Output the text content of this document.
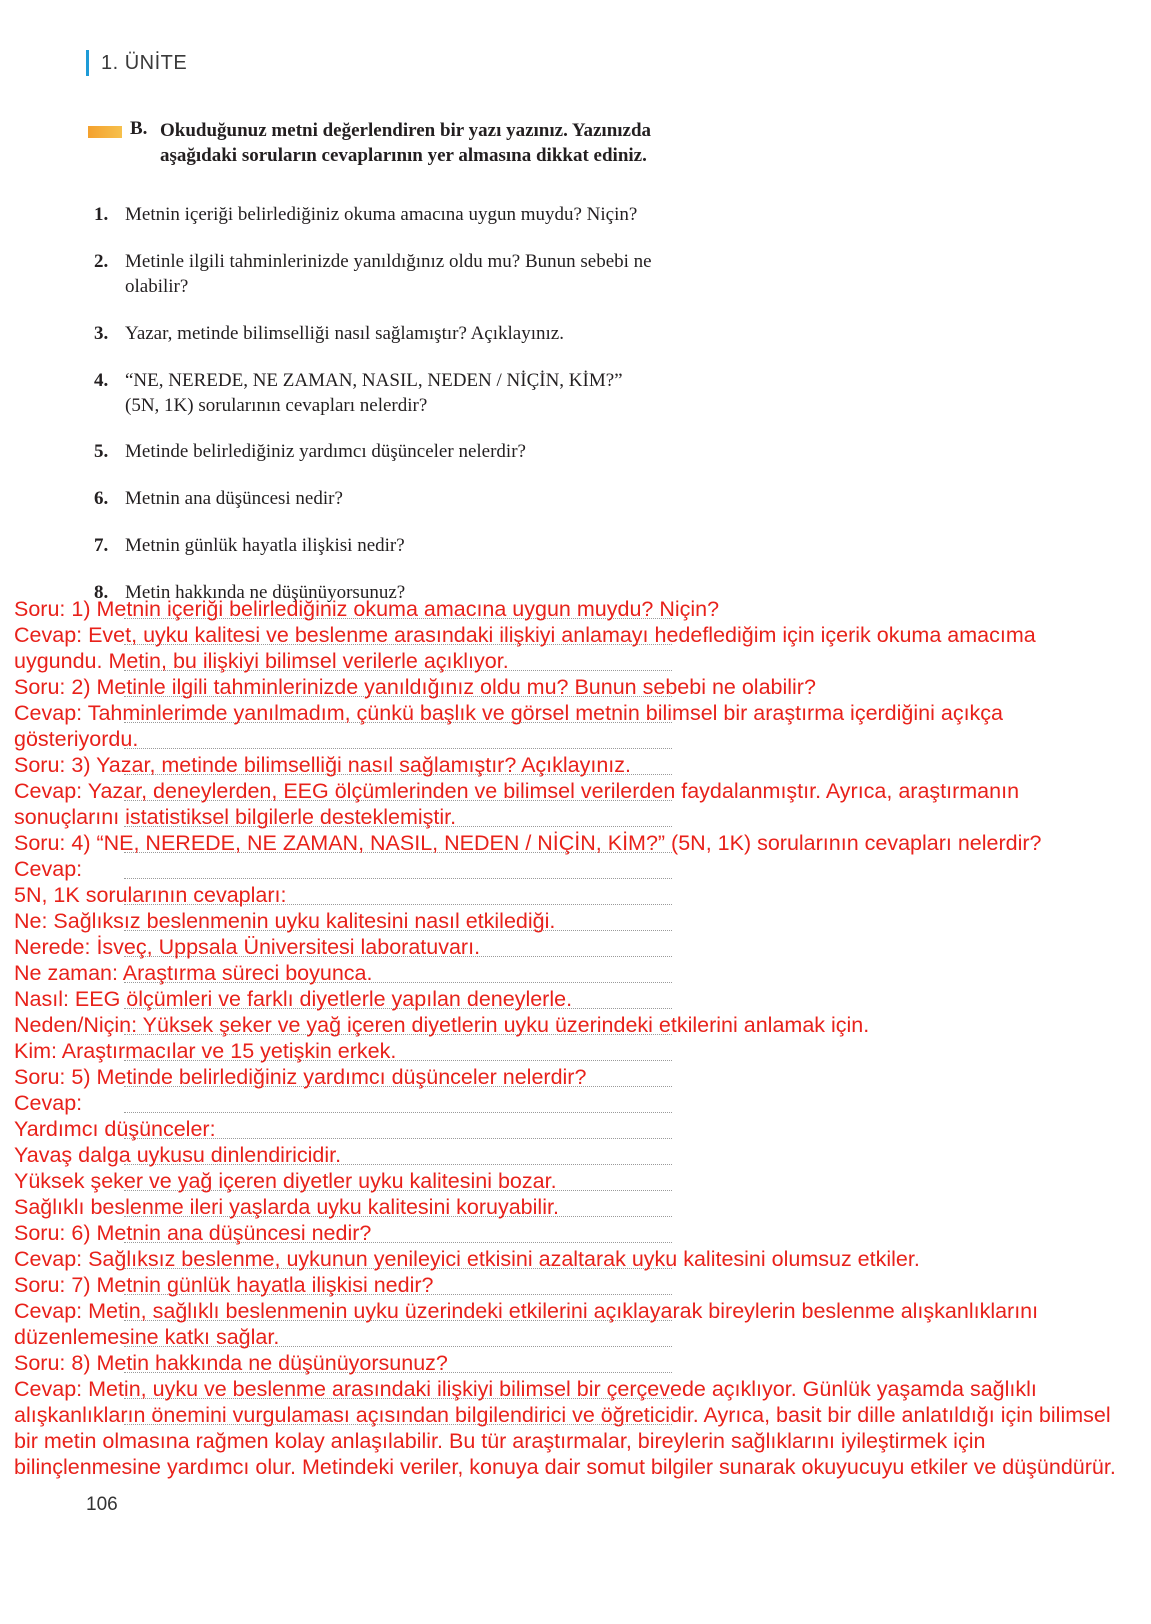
1. ÜNİTE
B. Okuduğunuz metni değerlendiren bir yazı yazınız. Yazınızda aşağıdaki soruların cevaplarının yer almasına dikkat ediniz.
1. Metnin içeriği belirlediğiniz okuma amacına uygun muydu? Niçin?
2. Metinle ilgili tahminlerinizde yanıldığınız oldu mu? Bunun sebebi ne olabilir?
3. Yazar, metinde bilimselliği nasıl sağlamıştır? Açıklayınız.
4. “NE, NEREDE, NE ZAMAN, NASIL, NEDEN / NİÇİN, KİM?” (5N, 1K) sorularının cevapları nelerdir?
5. Metinde belirlediğiniz yardımcı düşünceler nelerdir?
6. Metnin ana düşüncesi nedir?
7. Metnin günlük hayatla ilişkisi nedir?
8. Metin hakkında ne düşünüyorsunuz?
106
Soru: 1) Metnin içeriği belirlediğiniz okuma amacına uygun muydu? Niçin?
Cevap: Evet, uyku kalitesi ve beslenme arasındaki ilişkiyi anlamayı hedeflediğim için içerik okuma amacıma uygundu. Metin, bu ilişkiyi bilimsel verilerle açıklıyor.
Soru: 2) Metinle ilgili tahminlerinizde yanıldığınız oldu mu? Bunun sebebi ne olabilir?
Cevap: Tahminlerimde yanılmadım, çünkü başlık ve görsel metnin bilimsel bir araştırma içerdiğini açıkça gösteriyordu.
Soru: 3) Yazar, metinde bilimselliği nasıl sağlamıştır? Açıklayınız.
Cevap: Yazar, deneylerden, EEG ölçümlerinden ve bilimsel verilerden faydalanmıştır. Ayrıca, araştırmanın sonuçlarını istatistiksel bilgilerle desteklemiştir.
Soru: 4) “NE, NEREDE, NE ZAMAN, NASIL, NEDEN / NİÇİN, KİM?” (5N, 1K) sorularının cevapları nelerdir?
Cevap:
5N, 1K sorularının cevapları:
Ne: Sağlıksız beslenmenin uyku kalitesini nasıl etkilediği.
Nerede: İsveç, Uppsala Üniversitesi laboratuvarı.
Ne zaman: Araştırma süreci boyunca.
Nasıl: EEG ölçümleri ve farklı diyetlerle yapılan deneylerle.
Neden/Niçin: Yüksek şeker ve yağ içeren diyetlerin uyku üzerindeki etkilerini anlamak için.
Kim: Araştırmacılar ve 15 yetişkin erkek.
Soru: 5) Metinde belirlediğiniz yardımcı düşünceler nelerdir?
Cevap:
Yardımcı düşünceler:
Yavaş dalga uykusu dinlendiricidir.
Yüksek şeker ve yağ içeren diyetler uyku kalitesini bozar.
Sağlıklı beslenme ileri yaşlarda uyku kalitesini koruyabilir.
Soru: 6) Metnin ana düşüncesi nedir?
Cevap: Sağlıksız beslenme, uykunun yenileyici etkisini azaltarak uyku kalitesini olumsuz etkiler.
Soru: 7) Metnin günlük hayatla ilişkisi nedir?
Cevap: Metin, sağlıklı beslenmenin uyku üzerindeki etkilerini açıklayarak bireylerin beslenme alışkanlıklarını düzenlemesine katkı sağlar.
Soru: 8) Metin hakkında ne düşünüyorsunuz?
Cevap: Metin, uyku ve beslenme arasındaki ilişkiyi bilimsel bir çerçevede açıklıyor. Günlük yaşamda sağlıklı alışkanlıkların önemini vurgulaması açısından bilgilendirici ve öğreticidir. Ayrıca, basit bir dille anlatıldığı için bilimsel bir metin olmasına rağmen kolay anlaşılabilir. Bu tür araştırmalar, bireylerin sağlıklarını iyileştirmek için bilinçlenmesine yardımcı olur. Metindeki veriler, konuya dair somut bilgiler sunarak okuyucuyu etkiler ve düşündürür.
